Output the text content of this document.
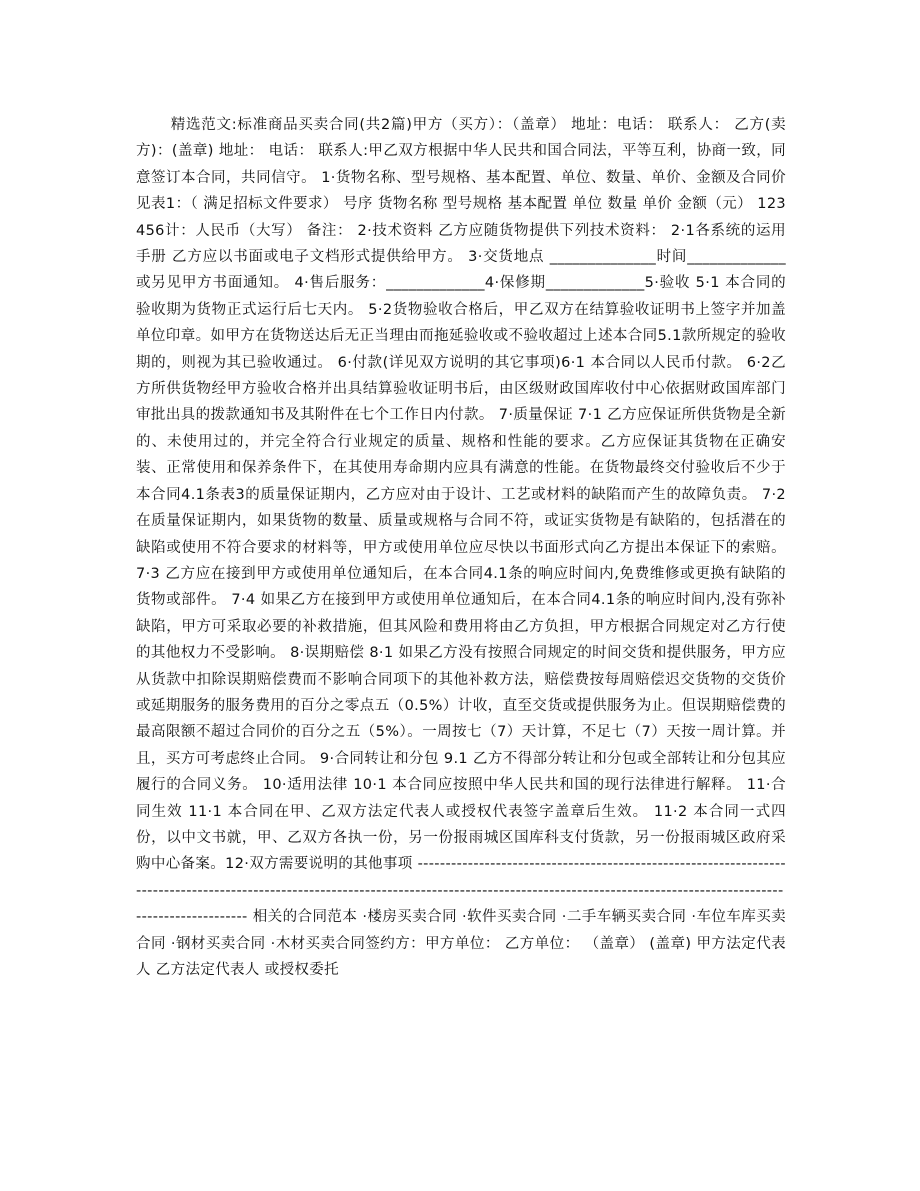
精选范文:标准商品买卖合同(共2篇)甲方（买方）：（盖章） 地址：电话： 联系人： 乙方(卖方)：(盖章) 地址： 电话： 联系人:甲乙双方根据中华人民共和国合同法，平等互利，协商一致，同意签订本合同，共同信守。 1·货物名称、型号规格、基本配置、单位、数量、单价、金额及合同价见表1：（ 满足招标文件要求） 号序 货物名称 型号规格 基本配置 单位 数量 单价 金额（元） 123456计：人民币（大写） 备注： 2·技术资料 乙方应随货物提供下列技术资料： 2·1各系统的运用手册 乙方应以书面或电子文档形式提供给甲方。 3·交货地点 ______________时间_____________ 或另见甲方书面通知。 4·售后服务：_____________4·保修期_____________5·验收 5·1 本合同的验收期为货物正式运行后七天内。 5·2货物验收合格后，甲乙双方在结算验收证明书上签字并加盖单位印章。如甲方在货物送达后无正当理由而拖延验收或不验收超过上述本合同5.1款所规定的验收期的，则视为其已验收通过。 6·付款(详见双方说明的其它事项)6·1 本合同以人民币付款。 6·2乙方所供货物经甲方验收合格并出具结算验收证明书后，由区级财政国库收付中心依据财政国库部门审批出具的拨款通知书及其附件在七个工作日内付款。 7·质量保证 7·1 乙方应保证所供货物是全新的、未使用过的，并完全符合行业规定的质量、规格和性能的要求。乙方应保证其货物在正确安装、正常使用和保养条件下，在其使用寿命期内应具有满意的性能。在货物最终交付验收后不少于本合同4.1条表3的质量保证期内，乙方应对由于设计、工艺或材料的缺陷而产生的故障负责。 7·2 在质量保证期内，如果货物的数量、质量或规格与合同不符，或证实货物是有缺陷的，包括潜在的缺陷或使用不符合要求的材料等，甲方或使用单位应尽快以书面形式向乙方提出本保证下的索赔。 7·3 乙方应在接到甲方或使用单位通知后，在本合同4.1条的响应时间内,免费维修或更换有缺陷的货物或部件。 7·4 如果乙方在接到甲方或使用单位通知后，在本合同4.1条的响应时间内,没有弥补缺陷，甲方可采取必要的补救措施，但其风险和费用将由乙方负担，甲方根据合同规定对乙方行使的其他权力不受影响。 8·误期赔偿 8·1 如果乙方没有按照合同规定的时间交货和提供服务，甲方应从货款中扣除误期赔偿费而不影响合同项下的其他补救方法，赔偿费按每周赔偿迟交货物的交货价或延期服务的服务费用的百分之零点五（0.5%）计收，直至交货或提供服务为止。但误期赔偿费的最高限额不超过合同价的百分之五（5%）。一周按七（7）天计算，不足七（7）天按一周计算。并且，买方可考虑终止合同。 9·合同转让和分包 9.1 乙方不得部分转让和分包或全部转让和分包其应履行的合同义务。 10·适用法律 10·1 本合同应按照中华人民共和国的现行法律进行解释。 11·合同生效 11·1 本合同在甲、乙双方法定代表人或授权代表签字盖章后生效。 11·2 本合同一式四份，以中文书就，甲、乙双方各执一份，另一份报雨城区国库科支付货款，另一份报雨城区政府采购中心备案。12·双方需要说明的其他事项 ---------------------------------------------------------------------------------------------------------------------------------------------------------------------------------------------------------- 相关的合同范本 ·楼房买卖合同 ·软件买卖合同 ·二手车辆买卖合同 ·车位车库买卖合同 ·钢材买卖合同 ·木材买卖合同签约方：甲方单位： 乙方单位： （盖章） (盖章) 甲方法定代表人 乙方法定代表人 或授权委托
